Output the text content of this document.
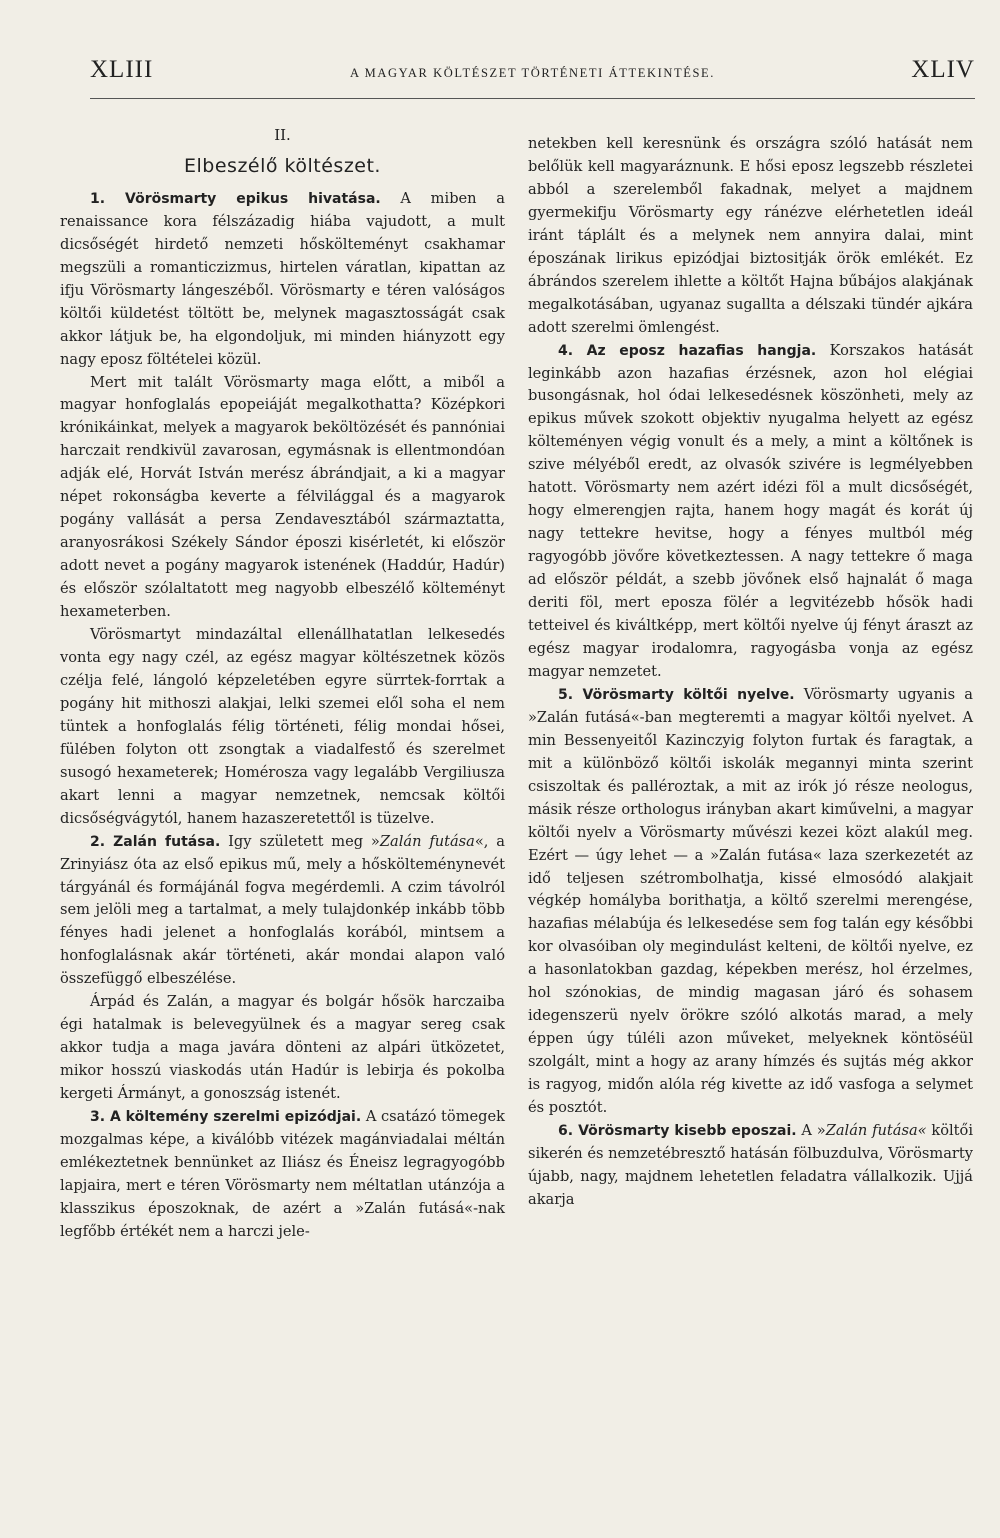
XLIII	A MAGYAR KÖLTÉSZET TÖRTÉNETI ÁTTEKINTÉSE.	XLIV

II.

Elbeszélő költészet.

1. Vörösmarty epikus hivatása. A miben a renaissance kora félszázadig hiába vajudott, a mult dicsőségét hirdető nemzeti hőskölteményt csakhamar megszüli a romanticzizmus, hirtelen váratlan, kipattan az ifju Vörösmarty lángeszéből. Vörösmarty e téren valóságos költői küldetést töltött be, melynek magasztosságát csak akkor látjuk be, ha elgondoljuk, mi minden hiányzott egy nagy eposz föltételei közül.

Mert mit talált Vörösmarty maga előtt, a miből a magyar honfoglalás epopeiáját megalkothatta? Középkori krónikáinkat, melyek a magyarok beköltözését és pannóniai harczait rendkivül zavarosan, egymásnak is ellentmondóan adják elé, Horvát István merész ábrándjait, a ki a magyar népet rokonságba keverte a félvilággal és a magyarok pogány vallását a persa Zendavesztából származtatta, aranyosrákosi Székely Sándor époszi kisérletét, ki először adott nevet a pogány magyarok istenének (Haddúr, Hadúr) és először szólaltatott meg nagyobb elbeszélő költeményt hexameterben.

Vörösmartyt mindazáltal ellenállhatatlan lelkesedés vonta egy nagy czél, az egész magyar költészetnek közös czélja felé, lángoló képzeletében egyre sürrtek-forrtak a pogány hit mithoszi alakjai, lelki szemei elől soha el nem tüntek a honfoglalás félig történeti, félig mondai hősei, fülében folyton ott zsongtak a viadalfestő és szerelmet susogó hexameterek; Homérosza vagy legalább Vergiliusza akart lenni a magyar nemzetnek, nemcsak költői dicsőségvágytól, hanem hazaszeretettől is tüzelve.

2. Zalán futása. Igy született meg »Zalán futása«, a Zrinyiász óta az első epikus mű, mely a hőskölteménynevét tárgyánál és formájánál fogva megérdemli. A czim távolról sem jelöli meg a tartalmat, a mely tulajdonkép inkább több fényes hadi jelenet a honfoglalás korából, mintsem a honfoglalásnak akár történeti, akár mondai alapon való összefüggő elbeszélése.

Árpád és Zalán, a magyar és bolgár hősök harczaiba égi hatalmak is belevegyülnek és a magyar sereg csak akkor tudja a maga javára dönteni az alpári ütközetet, mikor hosszú viaskodás után Hadúr is lebirja és pokolba kergeti Ármányt, a gonoszság istenét.

3. A költemény szerelmi epizódjai. A csatázó tömegek mozgalmas képe, a kiválóbb vitézek magánviadalai méltán emlékeztetnek bennünket az Iliász és Éneisz legragyogóbb lapjaira, mert e téren Vörösmarty nem méltatlan utánzója a klasszikus époszoknak, de azért a »Zalán futásá«-nak legfőbb értékét nem a harczi jele-

netekben kell keresnünk és országra szóló hatását nem belőlük kell magyaráznunk. E hősi eposz legszebb részletei abból a szerelemből fakadnak, melyet a majdnem gyermekifju Vörösmarty egy ránézve elérhetetlen ideál iránt táplált és a melynek nem annyira dalai, mint époszának lirikus epizódjai biztositják örök emlékét. Ez ábrándos szerelem ihlette a költőt Hajna bűbájos alakjának megalkotásában, ugyanaz sugallta a délszaki tündér ajkára adott szerelmi ömlengést.

4. Az eposz hazafias hangja. Korszakos hatását leginkább azon hazafias érzésnek, azon hol elégiai busongásnak, hol ódai lelkesedésnek köszönheti, mely az epikus művek szokott objektiv nyugalma helyett az egész költeményen végig vonult és a mely, a mint a költőnek is szive mélyéből eredt, az olvasók szivére is legmélyebben hatott. Vörösmarty nem azért idézi föl a mult dicsőségét, hogy elmerengjen rajta, hanem hogy magát és korát új nagy tettekre hevitse, hogy a fényes multból még ragyogóbb jövőre következtessen. A nagy tettekre ő maga ad először példát, a szebb jövőnek első hajnalát ő maga deriti föl, mert eposza fölér a legvitézebb hősök hadi tetteivel és kiváltképp, mert költői nyelve új fényt áraszt az egész magyar irodalomra, ragyogásba vonja az egész magyar nemzetet.

5. Vörösmarty költői nyelve. Vörösmarty ugyanis a »Zalán futásá«-ban megteremti a magyar költői nyelvet. A min Bessenyeitől Kazinczyig folyton furtak és faragtak, a mit a különböző költői iskolák megannyi minta szerint csiszoltak és palléroztak, a mit az irók jó része neologus, másik része orthologus irányban akart kiművelni, a magyar költői nyelv a Vörösmarty művészi kezei közt alakúl meg. Ezért — úgy lehet — a »Zalán futása« laza szerkezetét az idő teljesen szétrombolhatja, kissé elmosódó alakjait végkép homályba borithatja, a költő szerelmi merengése, hazafias mélabúja és lelkesedése sem fog talán egy későbbi kor olvasóiban oly megindulást kelteni, de költői nyelve, ez a hasonlatokban gazdag, képekben merész, hol érzelmes, hol szónokias, de mindig magasan járó és sohasem idegenszerü nyelv örökre szóló alkotás marad, a mely éppen úgy túléli azon műveket, melyeknek köntöséül szolgált, mint a hogy az arany hímzés és sujtás még akkor is ragyog, midőn alóla rég kivette az idő vasfoga a selymet és posztót.

6. Vörösmarty kisebb eposzai. A »Zalán futása« költői sikerén és nemzetébresztő hatásán fölbuzdulva, Vörösmarty újabb, nagy, majdnem lehetetlen feladatra vállalkozik. Ujjá akarja
